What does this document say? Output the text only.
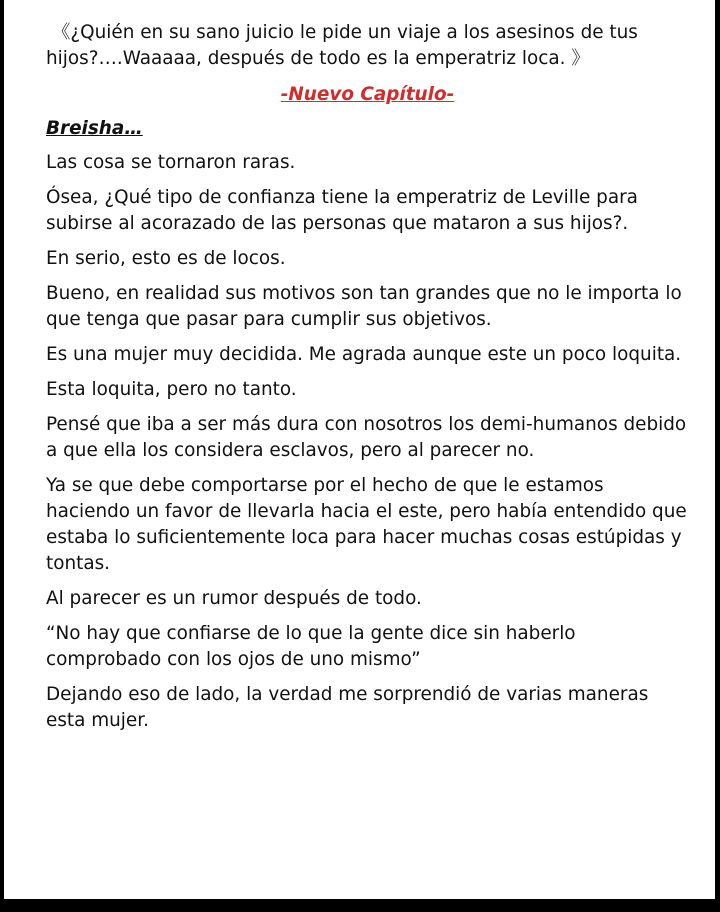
《¿Quién en su sano juicio le pide un viaje a los asesinos de tus hijos?….Waaaaa, después de todo es la emperatriz loca. 》

-Nuevo Capítulo-

Breisha…

Las cosa se tornaron raras.

Ósea, ¿Qué tipo de confianza tiene la emperatriz de Leville para subirse al acorazado de las personas que mataron a sus hijos?.

En serio, esto es de locos.

Bueno, en realidad sus motivos son tan grandes que no le importa lo que tenga que pasar para cumplir sus objetivos.

Es una mujer muy decidida. Me agrada aunque este un poco loquita.

Esta loquita, pero no tanto.

Pensé que iba a ser más dura con nosotros los demi-humanos debido a que ella los considera esclavos, pero al parecer no.

Ya se que debe comportarse por el hecho de que le estamos haciendo un favor de llevarla hacia el este, pero había entendido que estaba lo suficientemente loca para hacer muchas cosas estúpidas y tontas.

Al parecer es un rumor después de todo.

“No hay que confiarse de lo que la gente dice sin haberlo comprobado con los ojos de uno mismo”

Dejando eso de lado, la verdad me sorprendió de varias maneras esta mujer.
